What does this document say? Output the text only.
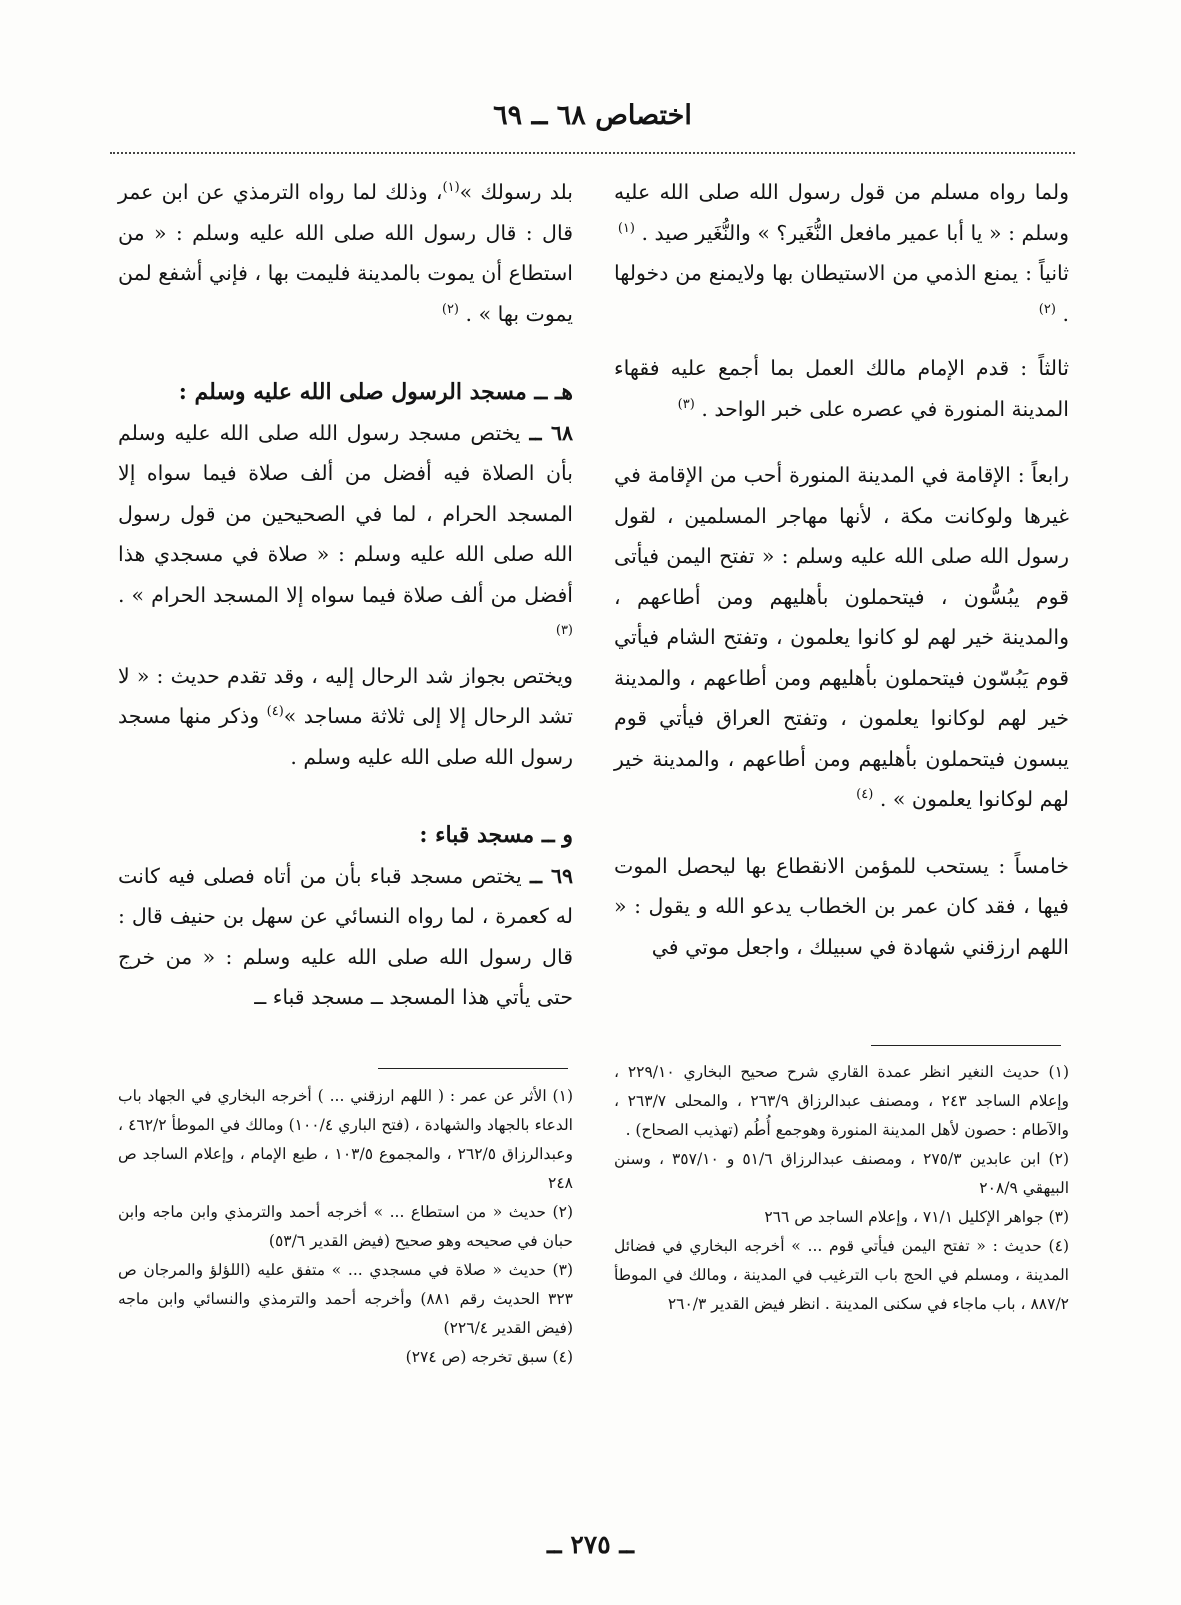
اختصاص ٦٨ ــ ٦٩

ولما رواه مسلم من قول رسول الله صلى الله عليه وسلم : « يا أبا عمير مافعل النُّغَير؟ » والنُّغَير صيد . $^{(١)}$

ثانياً : يمنع الذمي من الاستيطان بها ولايمنع من دخولها . $^{(٢)}$

ثالثاً : قدم الإمام مالك العمل بما أجمع عليه فقهاء المدينة المنورة في عصره على خبر الواحد . $^{(٣)}$

رابعاً : الإقامة في المدينة المنورة أحب من الإقامة في غيرها ولوكانت مكة ، لأنها مهاجر المسلمين ، لقول رسول الله صلى الله عليه وسلم : « تفتح اليمن فيأتى قوم يبُسُّون ، فيتحملون بأهليهم ومن أطاعهم ، والمدينة خير لهم لو كانوا يعلمون ، وتفتح الشام فيأتي قوم يَبُسّون فيتحملون بأهليهم ومن أطاعهم ، والمدينة خير لهم لوكانوا يعلمون ، وتفتح العراق فيأتي قوم يبسون فيتحملون بأهليهم ومن أطاعهم ، والمدينة خير لهم لوكانوا يعلمون » . $^{(٤)}$

خامساً : يستحب للمؤمن الانقطاع بها ليحصل الموت فيها ، فقد كان عمر بن الخطاب يدعو الله و يقول : « اللهم ارزقني شهادة في سبيلك ، واجعل موتي في

بلد رسولك »$^{(١)}$، وذلك لما رواه الترمذي عن ابن عمر قال : قال رسول الله صلى الله عليه وسلم : « من استطاع أن يموت بالمدينة فليمت بها ، فإني أشفع لمن يموت بها » . $^{(٢)}$

هـ ــ مسجد الرسول صلى الله عليه وسلم :

٦٨ ــ يختص مسجد رسول الله صلى الله عليه وسلم بأن الصلاة فيه أفضل من ألف صلاة فيما سواه إلا المسجد الحرام ، لما في الصحيحين من قول رسول الله صلى الله عليه وسلم : « صلاة في مسجدي هذا أفضل من ألف صلاة فيما سواه إلا المسجد الحرام » . $^{(٣)}$

ويختص بجواز شد الرحال إليه ، وقد تقدم حديث : « لا تشد الرحال إلا إلى ثلاثة مساجد »$^{(٤)}$ وذكر منها مسجد رسول الله صلى الله عليه وسلم .

و ــ مسجد قباء :

٦٩ ــ يختص مسجد قباء بأن من أتاه فصلى فيه كانت له كعمرة ، لما رواه النسائي عن سهل بن حنيف قال : قال رسول الله صلى الله عليه وسلم : « من خرج حتى يأتي هذا المسجد ــ مسجد قباء ــ

(١) حديث النغير انظر عمدة القاري شرح صحيح البخاري ٢٢٩/١٠ ، وإعلام الساجد ٢٤٣ ، ومصنف عبدالرزاق ٢٦٣/٩ ، والمحلى ٢٦٣/٧ ، والآطام : حصون لأهل المدينة المنورة وهوجمع أُطُم (تهذيب الصحاح) .

(٢) ابن عابدين ٢٧٥/٣ ، ومصنف عبدالرزاق ٥١/٦ و ٣٥٧/١٠ ، وسنن البيهقي ٢٠٨/٩

(٣) جواهر الإكليل ٧١/١ ، وإعلام الساجد ص ٢٦٦

(٤) حديث : « تفتح اليمن فيأتي قوم ... » أخرجه البخاري في فضائل المدينة ، ومسلم في الحج باب الترغيب في المدينة ، ومالك في الموطأ ٨٨٧/٢ ، باب ماجاء في سكنى المدينة . انظر فيض القدير ٢٦٠/٣

(١) الأثر عن عمر : ( اللهم ارزقني ... ) أخرجه البخاري في الجهاد باب الدعاء بالجهاد والشهادة ، (فتح الباري ١٠٠/٤) ومالك في الموطأ ٤٦٢/٢ ، وعبدالرزاق ٢٦٢/٥ ، والمجموع ١٠٣/٥ ، طبع الإمام ، وإعلام الساجد ص ٢٤٨

(٢) حديث « من استطاع ... » أخرجه أحمد والترمذي وابن ماجه وابن حبان في صحيحه وهو صحيح (فيض القدير ٥٣/٦)

(٣) حديث « صلاة في مسجدي ... » متفق عليه (اللؤلؤ والمرجان ص ٣٢٣ الحديث رقم ٨٨١) وأخرجه أحمد والترمذي والنسائي وابن ماجه (فيض القدير ٢٢٦/٤)

(٤) سبق تخرجه (ص ٢٧٤)

ــ ٢٧٥ ــ
